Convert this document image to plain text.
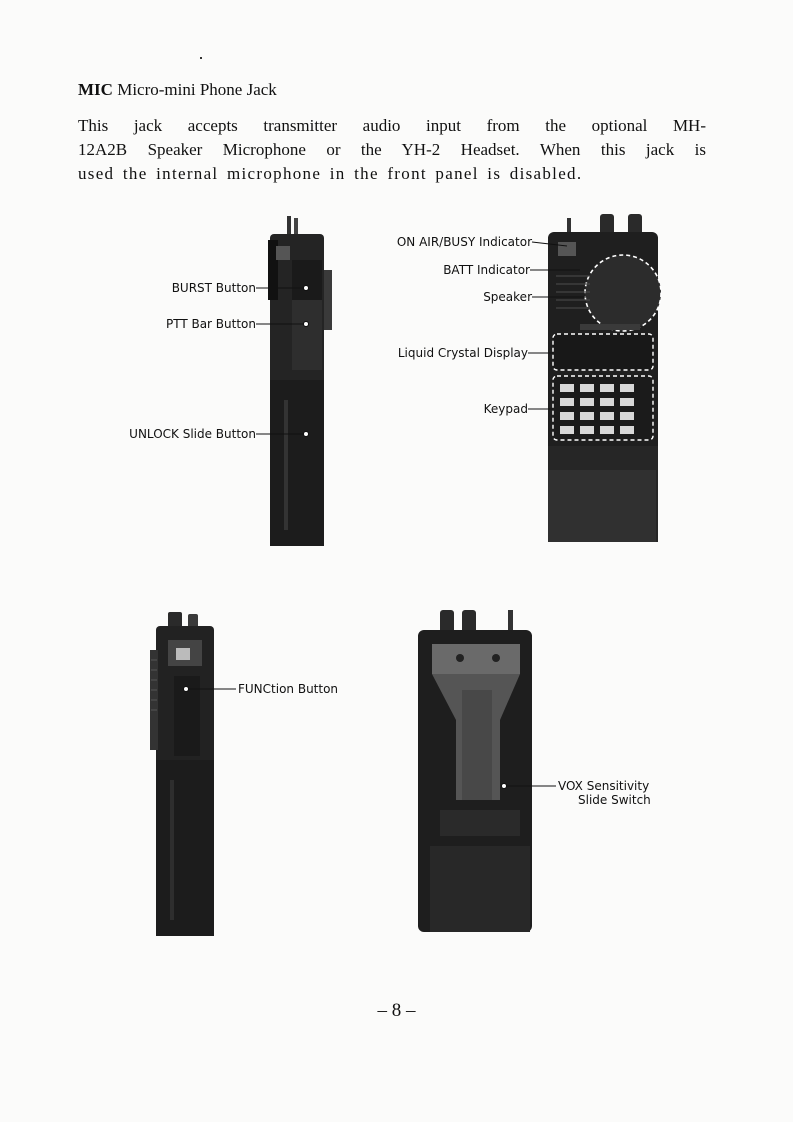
MIC Micro-mini Phone Jack
This jack accepts transmitter audio input from the optional MH-
12A2B Speaker Microphone or the YH-2 Headset. When this jack is
used the internal microphone in the front panel is disabled.
BURST Button
PTT Bar Button
UNLOCK Slide Button
ON AIR/BUSY Indicator
BATT Indicator
Speaker
Liquid Crystal Display
Keypad
FUNCtion Button
VOX Sensitivity
Slide Switch
– 8 –
